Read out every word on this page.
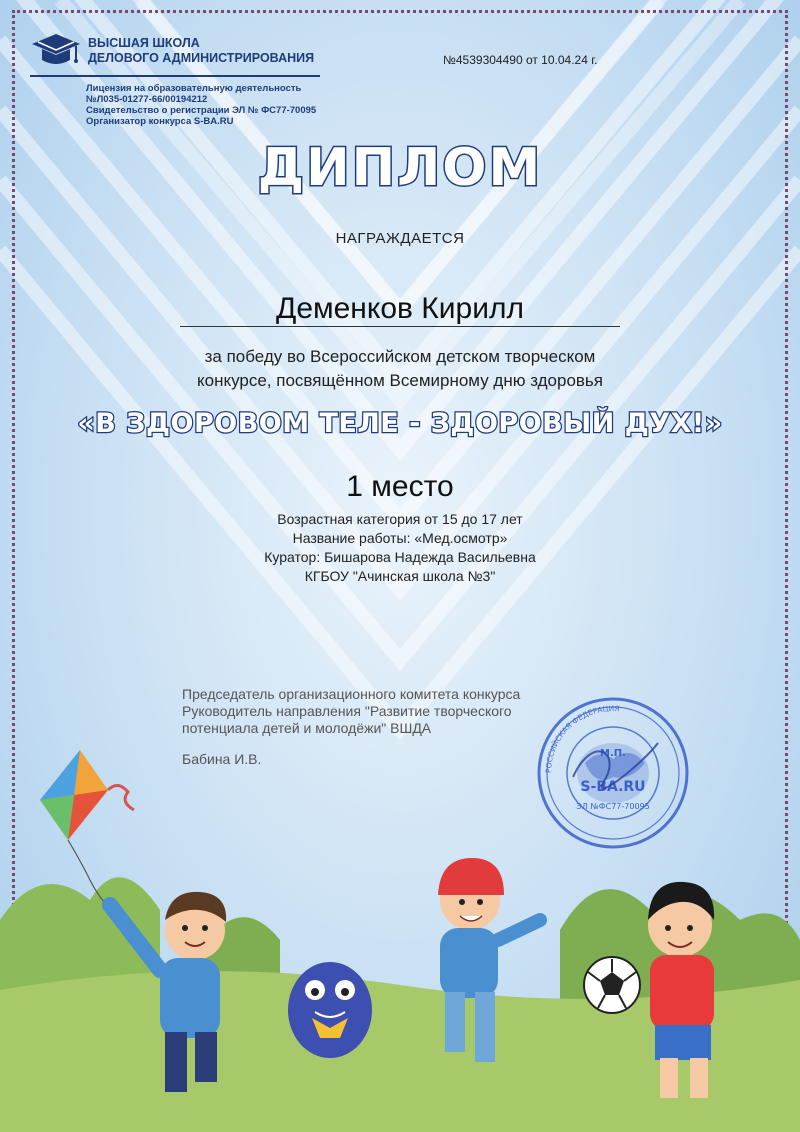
ВЫСШАЯ ШКОЛА
ДЕЛОВОГО АДМИНИСТРИРОВАНИЯ
Лицензия на образовательную деятельность
№Л035-01277-66/00194212
Свидетельство о регистрации ЭЛ № ФС77-70095
Организатор конкурса S-BA.RU
№4539304490 от 10.04.24 г.
ДИПЛОМ
НАГРАЖДАЕТСЯ
Деменков Кирилл
за победу во Всероссийском детском творческом
конкурсе, посвящённом Всемирному дню здоровья
«В ЗДОРОВОМ ТЕЛЕ - ЗДОРОВЫЙ ДУХ!»
1 место
Возрастная категория от 15 до 17 лет
Название работы: «Мед.осмотр»
Куратор: Бишарова Надежда Васильевна
КГБОУ "Ачинская школа №3"
Председатель организационного комитета конкурса
Руководитель направления "Развитие творческого
потенциала детей и молодёжи" ВШДА
Бабина И.В.
РОССИЙСКАЯ ФЕДЕРАЦИЯ
М.П.
S-BA.RU
ЭЛ №ФС77-70095
